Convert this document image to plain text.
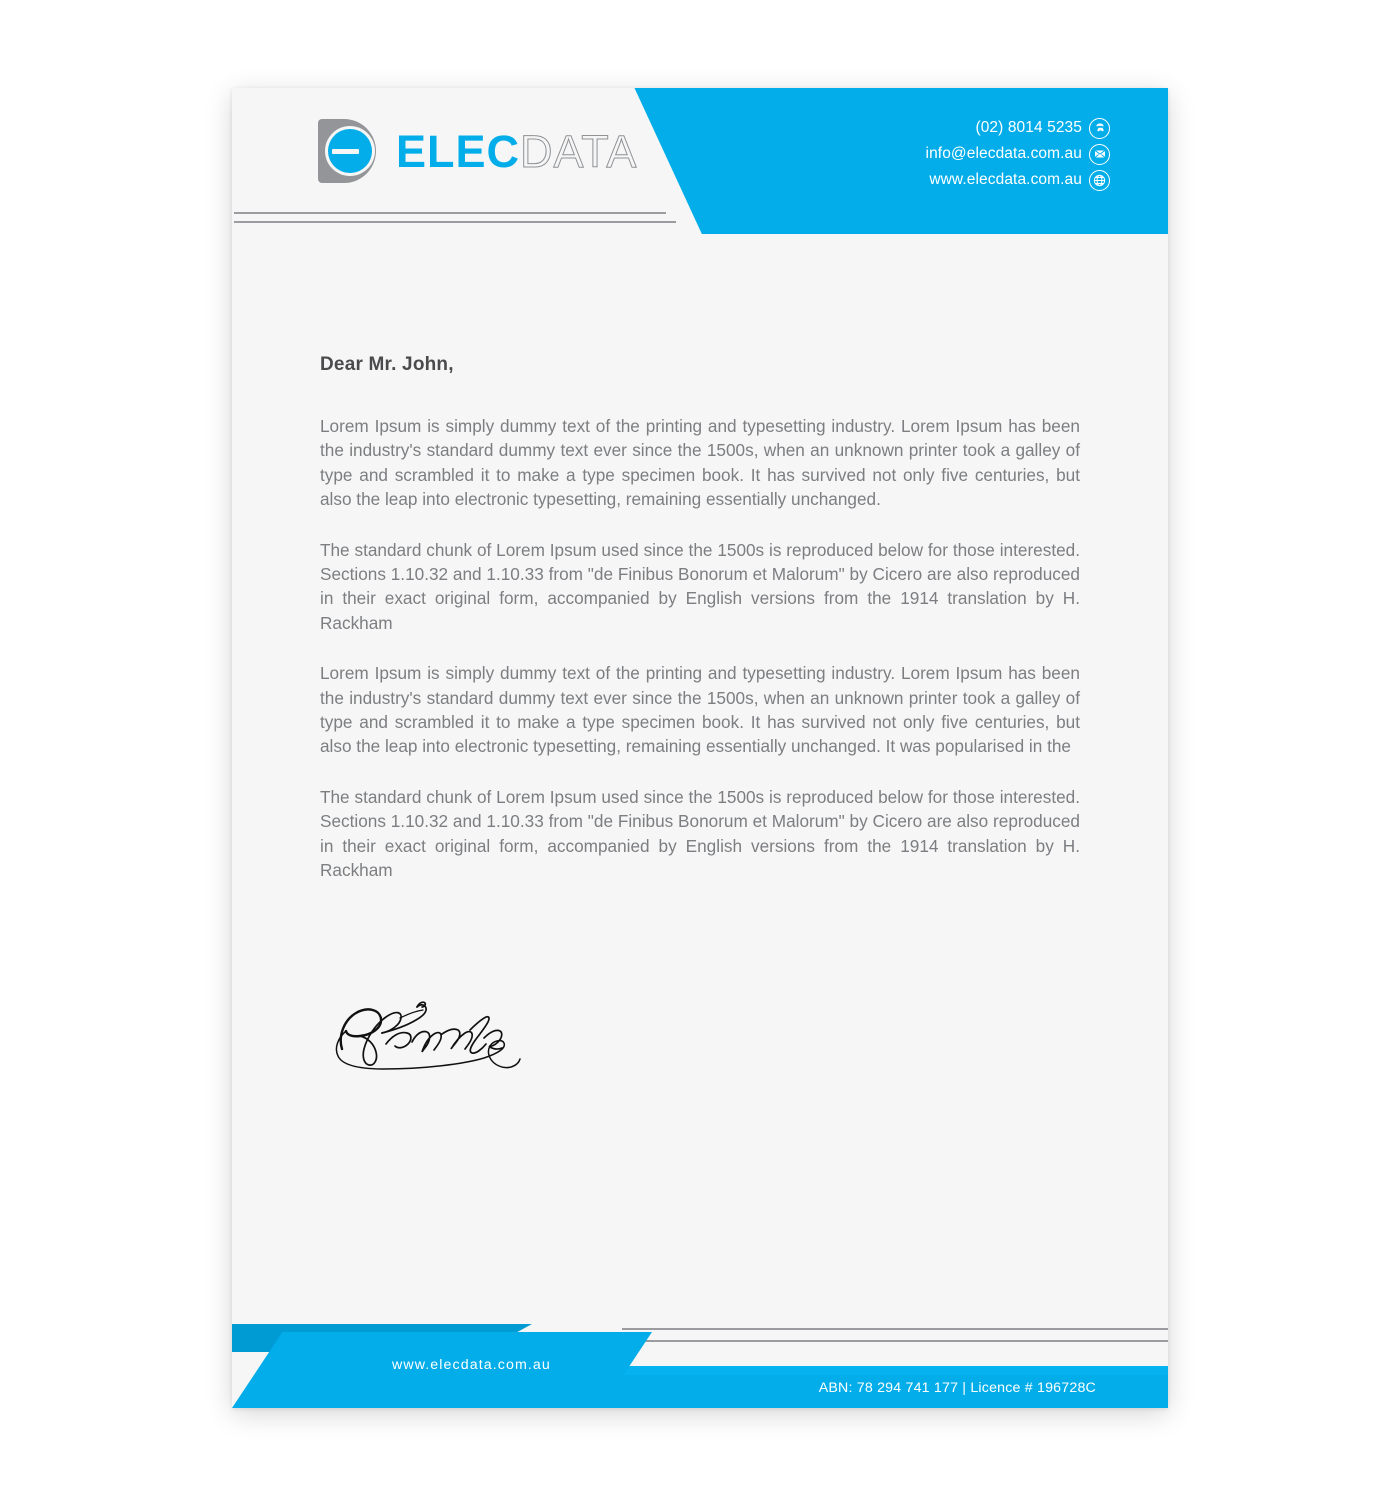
ELECDATA	(02) 8014 5235
info@elecdata.com.au
www.elecdata.com.au

Dear Mr. John,

Lorem Ipsum is simply dummy text of the printing and typesetting industry. Lorem Ipsum has been the industry's standard dummy text ever since the 1500s, when an unknown printer took a galley of type and scrambled it to make a type specimen book. It has survived not only five centuries, but also the leap into electronic typesetting, remaining essentially unchanged.

The standard chunk of Lorem Ipsum used since the 1500s is reproduced below for those interested. Sections 1.10.32 and 1.10.33 from "de Finibus Bonorum et Malorum" by Cicero are also reproduced in their exact original form, accompanied by English versions from the 1914 translation by H. Rackham

Lorem Ipsum is simply dummy text of the printing and typesetting industry. Lorem Ipsum has been the industry's standard dummy text ever since the 1500s, when an unknown printer took a galley of type and scrambled it to make a type specimen book. It has survived not only five centuries, but also the leap into electronic typesetting, remaining essentially unchanged. It was popularised in the

The standard chunk of Lorem Ipsum used since the 1500s is reproduced below for those interested. Sections 1.10.32 and 1.10.33 from "de Finibus Bonorum et Malorum" by Cicero are also reproduced in their exact original form, accompanied by English versions from the 1914 translation by H. Rackham

www.elecdata.com.au
ABN: 78 294 741 177 | Licence # 196728C
